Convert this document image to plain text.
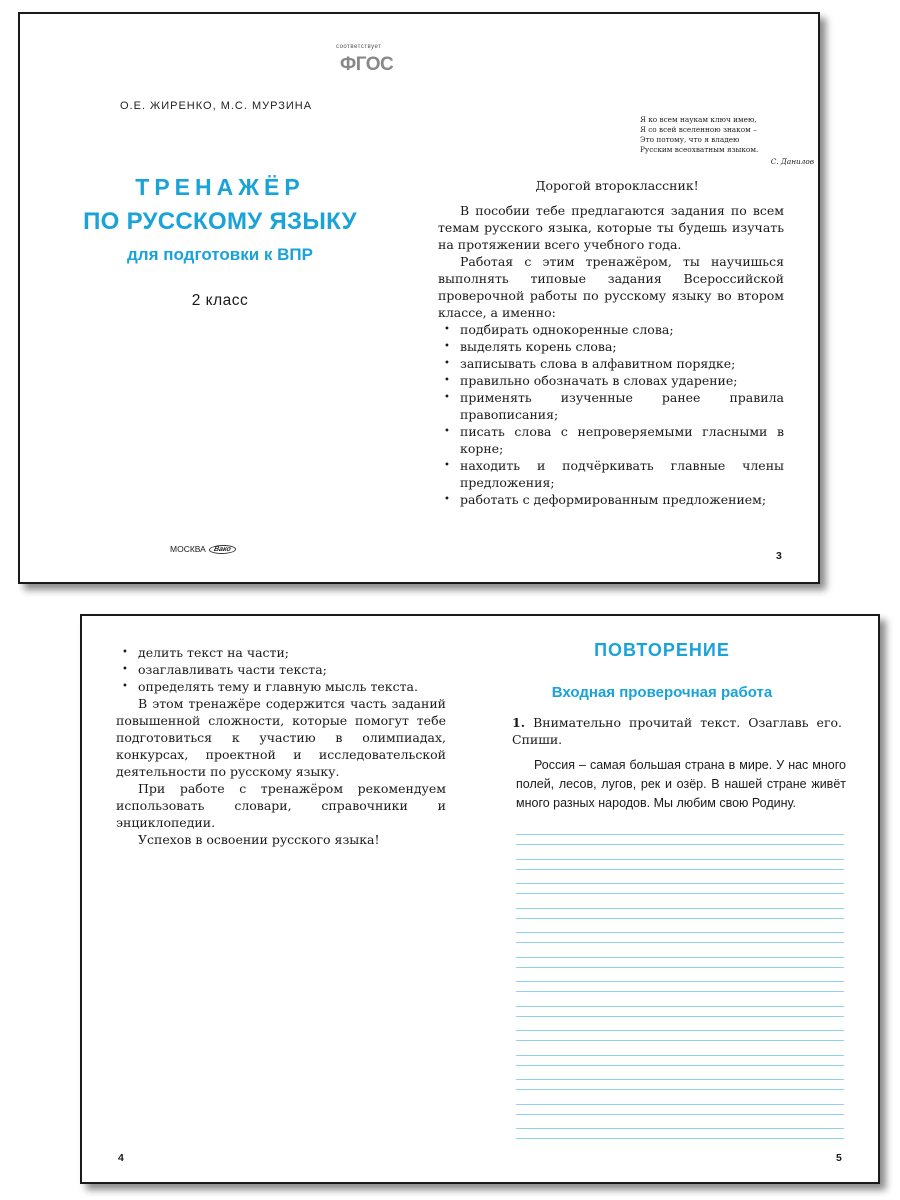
соответствует
ФГОС
О.Е. ЖИРЕНКО, М.С. МУРЗИНА
ТРЕНАЖЁР
ПО РУССКОМУ ЯЗЫКУ
для подготовки к ВПР
2 класс
МОСКВА	Вако
Я ко всем наукам ключ имею,
Я со всей вселенною знаком –
Это потому, что я владею
Русским всеохватным языком.
С. Данилов
Дорогой второклассник!

В пособии тебе предлагаются задания по всем темам русского языка, которые ты будешь изучать на протяжении всего учебного года.

Работая с этим тренажёром, ты научишься выполнять типовые задания Всероссийской проверочной работы по русскому языку во втором классе, а именно:

• подбирать однокоренные слова;
• выделять корень слова;
• записывать слова в алфавитном порядке;
• правильно обозначать в словах ударение;
• применять изученные ранее правила правописания;
• писать слова с непроверяемыми гласными в корне;
• находить и подчёркивать главные члены предложения;
• работать с деформированным предложением;
3
• делить текст на части;
• озаглавливать части текста;
• определять тему и главную мысль текста.

В этом тренажёре содержится часть заданий повышенной сложности, которые помогут тебе подготовиться к участию в олимпиадах, конкурсах, проектной и исследовательской деятельности по русскому языку.

При работе с тренажёром рекомендуем использовать словари, справочники и энциклопедии.

Успехов в освоении русского языка!

4
ПОВТОРЕНИЕ
Входная проверочная работа
1. Внимательно прочитай текст. Озаглавь его. Спиши.

Россия – самая большая страна в мире. У нас много полей, лесов, лугов, рек и озёр. В нашей стране живёт много разных народов. Мы любим свою Родину.

5
